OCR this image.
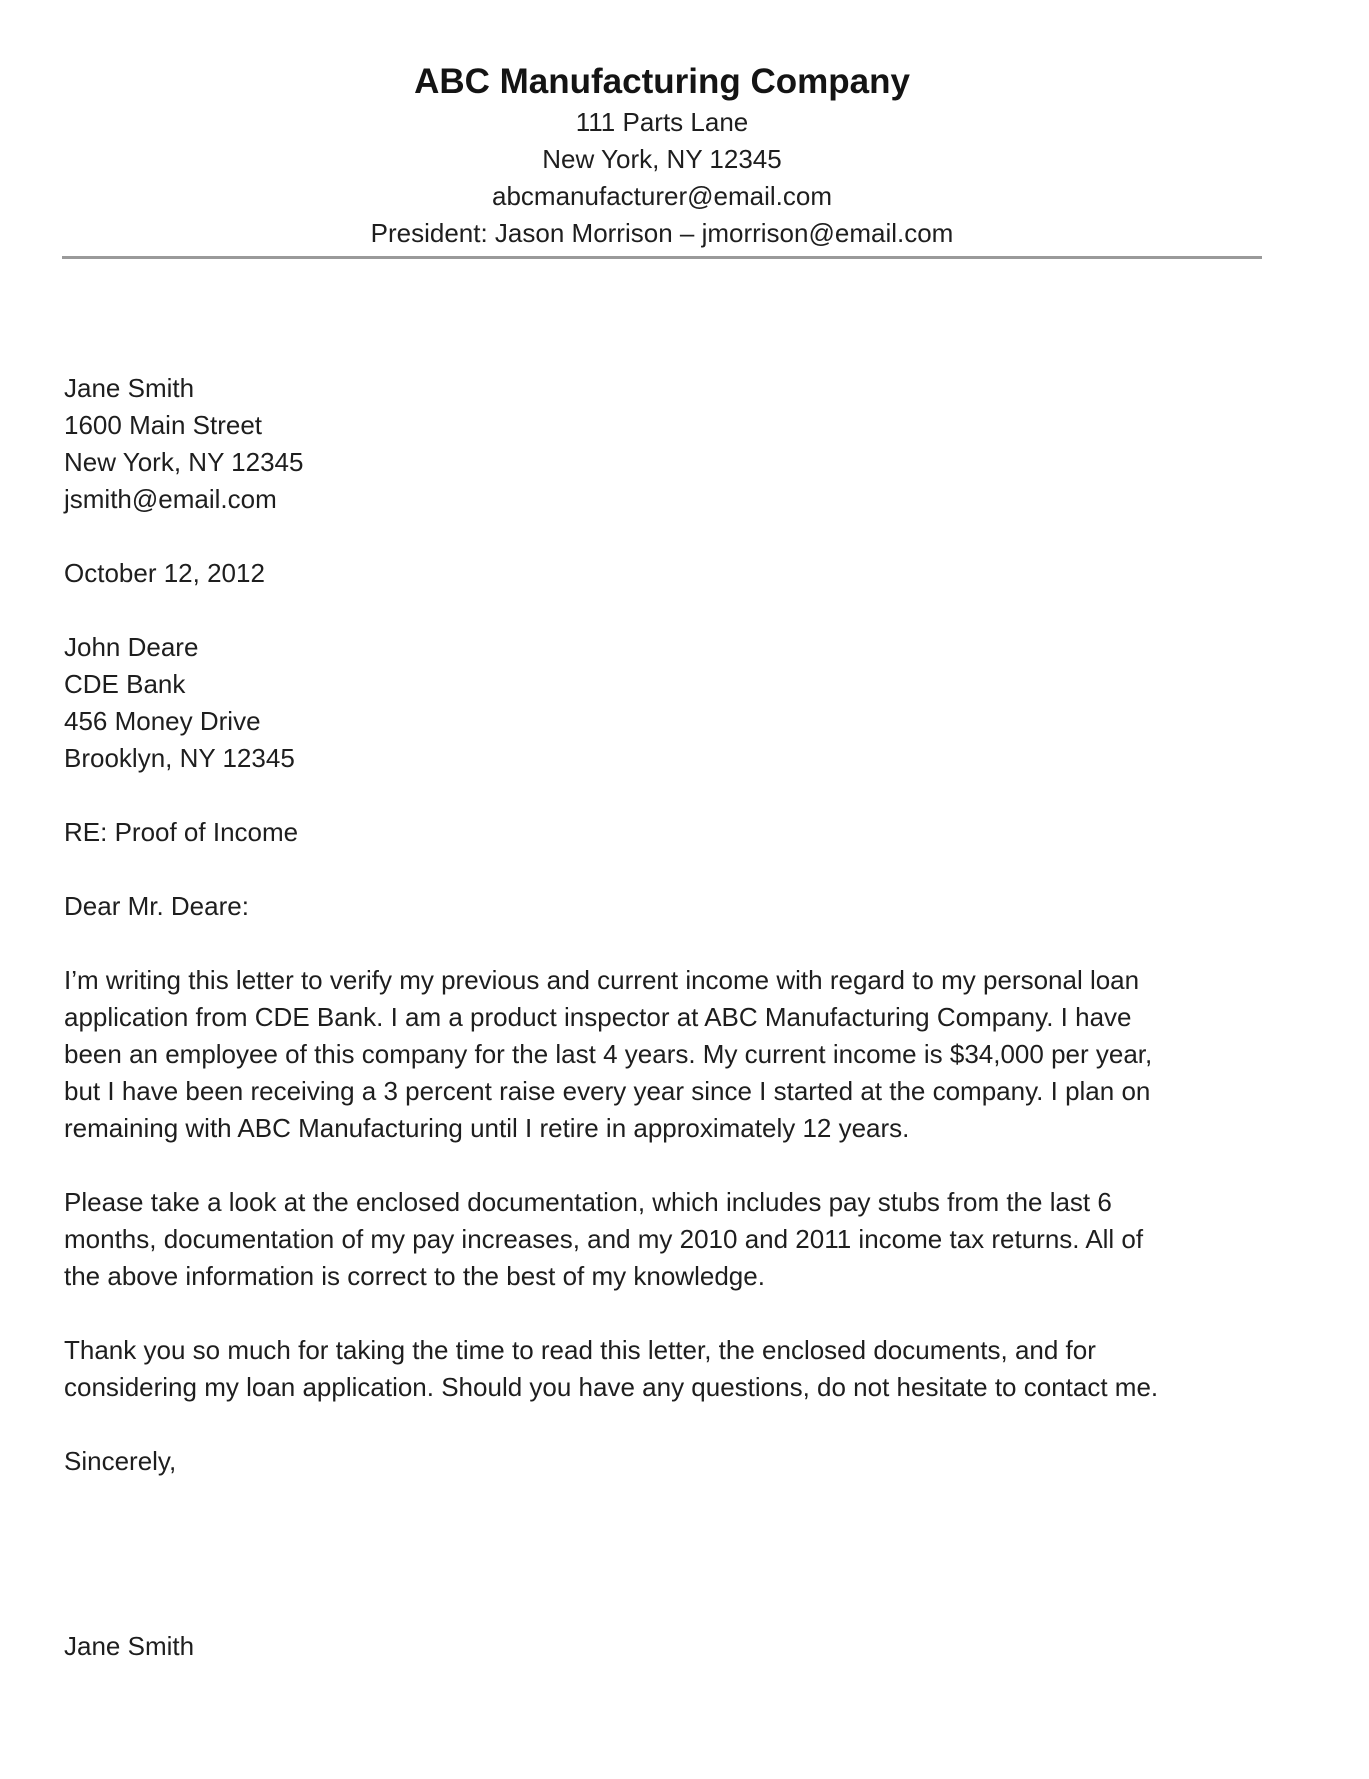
ABC Manufacturing Company

111 Parts Lane

New York, NY 12345

abcmanufacturer@email.com

President: Jason Morrison – jmorrison@email.com

Jane Smith

1600 Main Street

New York, NY 12345

jsmith@email.com

October 12, 2012

John Deare

CDE Bank

456 Money Drive

Brooklyn, NY 12345

RE: Proof of Income

Dear Mr. Deare:

I’m writing this letter to verify my previous and current income with regard to my personal loan

application from CDE Bank. I am a product inspector at ABC Manufacturing Company. I have

been an employee of this company for the last 4 years. My current income is $34,000 per year,

but I have been receiving a 3 percent raise every year since I started at the company. I plan on

remaining with ABC Manufacturing until I retire in approximately 12 years.

Please take a look at the enclosed documentation, which includes pay stubs from the last 6

months, documentation of my pay increases, and my 2010 and 2011 income tax returns. All of

the above information is correct to the best of my knowledge.

Thank you so much for taking the time to read this letter, the enclosed documents, and for

considering my loan application. Should you have any questions, do not hesitate to contact me.

Sincerely,

Jane Smith
